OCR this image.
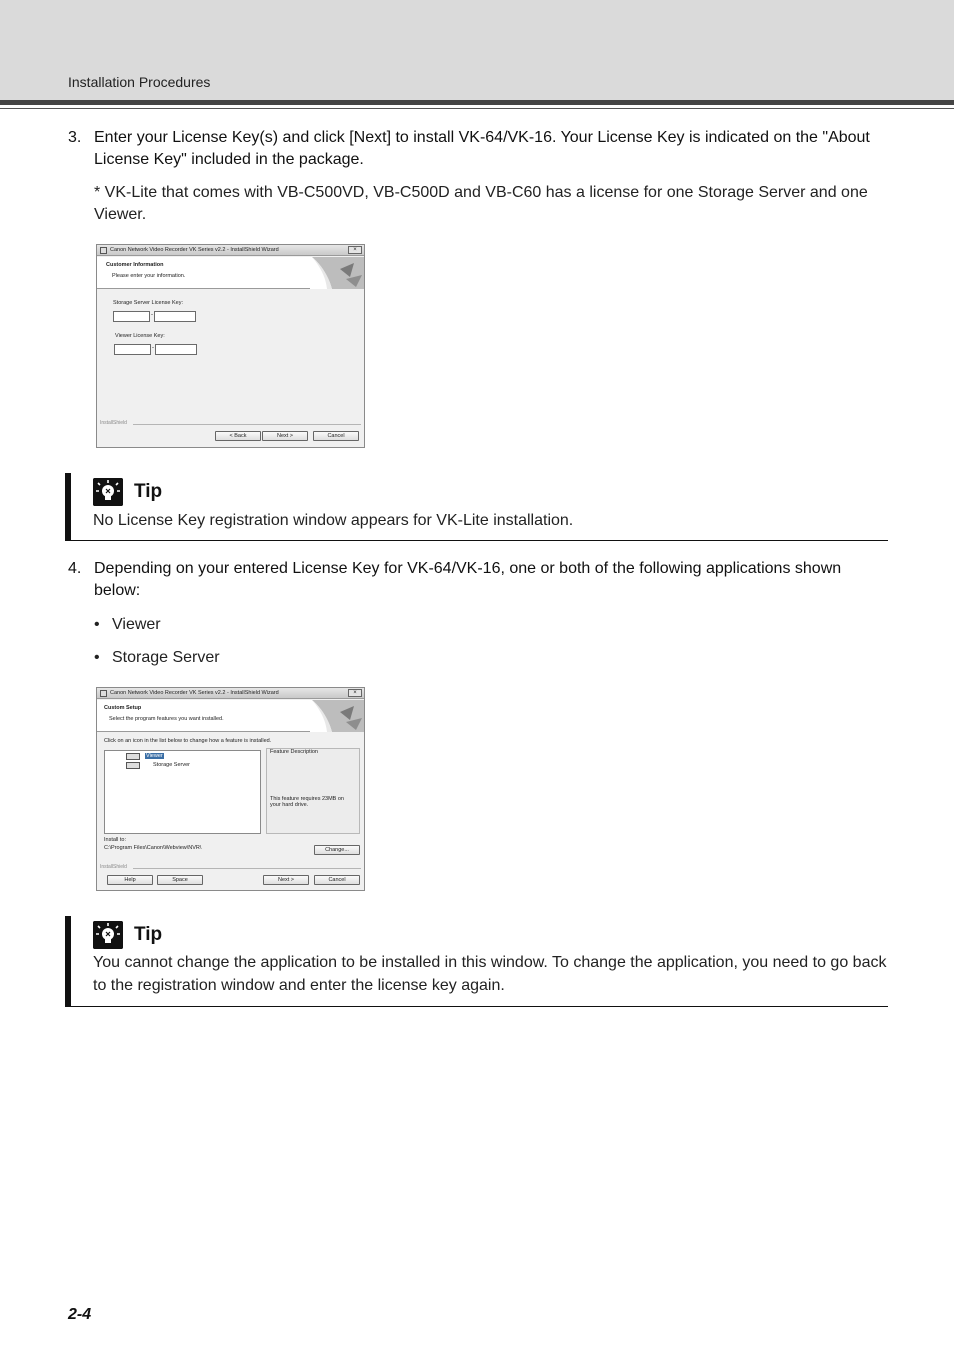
Installation Procedures
3. Enter your License Key(s) and click [Next] to install VK-64/VK-16. Your License Key is indicated on the "About License Key" included in the package.
* VK-Lite that comes with VB-C500VD, VB-C500D and VB-C60 has a license for one Storage Server and one Viewer.
Canon Network Video Recorder VK Series v2.2 - InstallShield Wizard	×
Customer Information
Please enter your information.
Storage Server License Key:
-
Viewer License Key:
-
InstallShield
< Back	Next >	Cancel
Tip
No License Key registration window appears for VK-Lite installation.
4. Depending on your entered License Key for VK-64/VK-16, one or both of the following applications shown below:
• Viewer
• Storage Server
Canon Network Video Recorder VK Series v2.2 - InstallShield Wizard	×
Custom Setup
Select the program features you want installed.
Click on an icon in the list below to change how a feature is installed.
Viewer
Storage Server
Feature Description
This feature requires 23MB on your hard drive.
Install to:
C:\Program Files\Canon\Webview\NVR\	Change...
InstallShield
Help	Space	Next >	Cancel
Tip
You cannot change the application to be installed in this window. To change the application, you need to go back to the registration window and enter the license key again.
2-4
